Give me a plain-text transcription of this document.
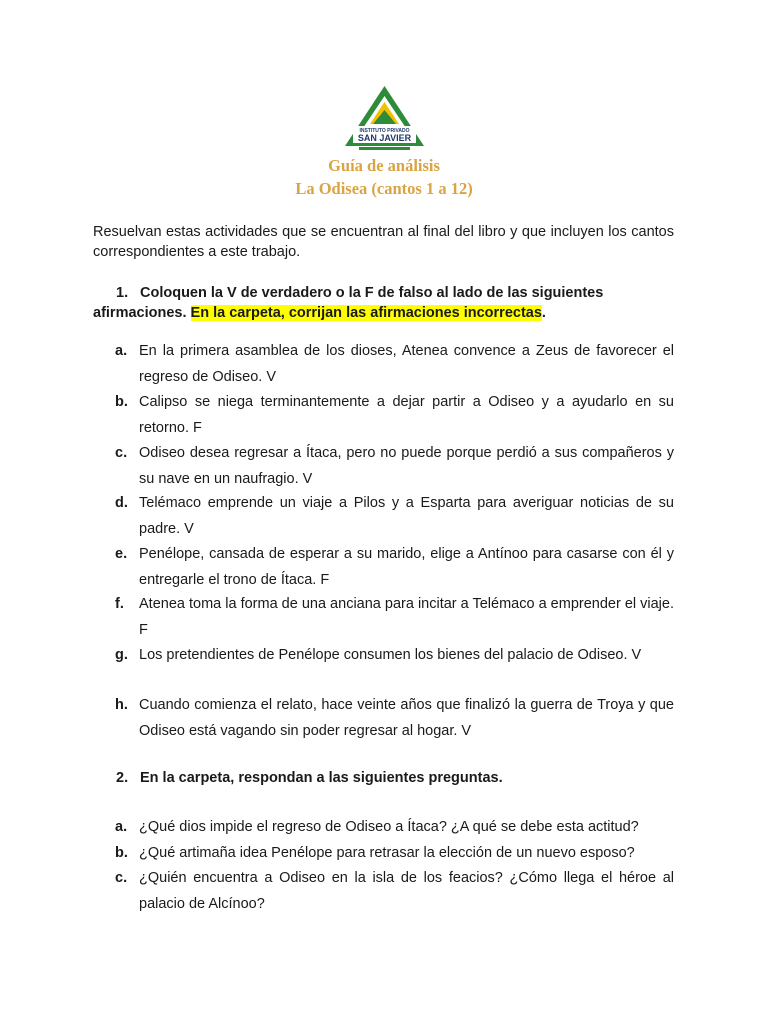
INSTITUTO PRIVADO
SAN JAVIER
Guía de análisis
La Odisea (cantos 1 a 12)
Resuelvan estas actividades que se encuentran al final del libro y que incluyen los cantos correspondientes a este trabajo.
1. Coloquen la V de verdadero o la F de falso al lado de las siguientes afirmaciones. En la carpeta, corrijan las afirmaciones incorrectas.
a. En la primera asamblea de los dioses, Atenea convence a Zeus de favorecer el regreso de Odiseo. V
b. Calipso se niega terminantemente a dejar partir a Odiseo y a ayudarlo en su retorno. F
c. Odiseo desea regresar a Ítaca, pero no puede porque perdió a sus compañeros y su nave en un naufragio. V
d. Telémaco emprende un viaje a Pilos y a Esparta para averiguar noticias de su padre. V
e. Penélope, cansada de esperar a su marido, elige a Antínoo para casarse con él y entregarle el trono de Ítaca. F
f. Atenea toma la forma de una anciana para incitar a Telémaco a emprender el viaje. F
g. Los pretendientes de Penélope consumen los bienes del palacio de Odiseo. V
h. Cuando comienza el relato, hace veinte años que finalizó la guerra de Troya y que Odiseo está vagando sin poder regresar al hogar. V
2. En la carpeta, respondan a las siguientes preguntas.
a. ¿Qué dios impide el regreso de Odiseo a Ítaca? ¿A qué se debe esta actitud?
b. ¿Qué artimaña idea Penélope para retrasar la elección de un nuevo esposo?
c. ¿Quién encuentra a Odiseo en la isla de los feacios? ¿Cómo llega el héroe al palacio de Alcínoo?
